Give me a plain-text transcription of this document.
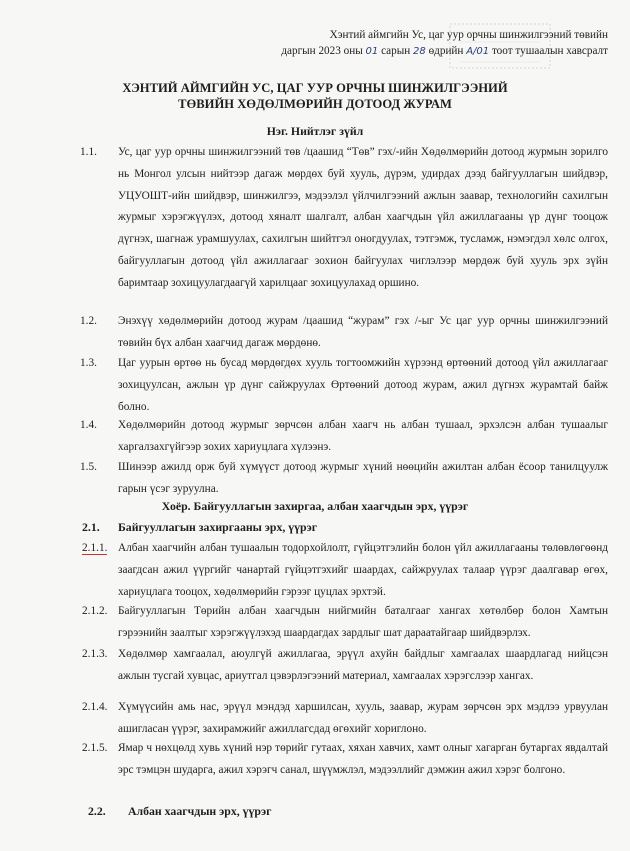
Хэнтий аймгийн Ус, цаг уур орчны шинжилгээний төвийн
даргын 2023 оны 01 сарын 28 өдрийн A/01 тоот тушаалын хавсралт
ХЭНТИЙ АЙМГИЙН УС, ЦАГ УУР ОРЧНЫ ШИНЖИЛГЭЭНИЙ
ТӨВИЙН ХӨДӨЛМӨРИЙН ДОТООД ЖУРАМ
Нэг. Нийтлэг зүйл
1.1. Ус, цаг уур орчны шинжилгээний төв /цаашид “Төв” гэх/-ийн Хөдөлмөрийн дотоод журмын зорилго нь Монгол улсын нийтээр дагаж мөрдөх буй хууль, дүрэм, удирдах дээд байгууллагын шийдвэр, УЦУОШТ-ийн шийдвэр, шинжилгээ, мэдээлэл үйлчилгээний ажлын заавар, технологийн сахилгын журмыг хэрэгжүүлэх, дотоод хяналт шалгалт, албан хаагчдын үйл ажиллагааны үр дүнг тооцож дүгнэх, шагнаж урамшуулах, сахилгын шийтгэл оногдуулах, тэтгэмж, тусламж, нэмэгдэл хөлс олгох, байгууллагын дотоод үйл ажиллагааг зохион байгуулах чиглэлээр мөрдөж буй хууль эрх зүйн баримтаар зохицуулагдаагүй харилцааг зохицуулахад оршино.
1.2. Энэхүү хөдөлмөрийн дотоод журам /цаашид “журам” гэх /-ыг Ус цаг уур орчны шинжилгээний төвийн бүх албан хаагчид дагаж мөрдөнө.
1.3. Цаг уурын өртөө нь бусад мөрдөгдөх хууль тогтоомжийн хүрээнд өртөөний дотоод үйл ажиллагааг зохицуулсан, ажлын үр дүнг сайжруулах Өртөөний дотоод журам, ажил дүгнэх журамтай байж болно.
1.4. Хөдөлмөрийн дотоод журмыг зөрчсөн албан хаагч нь албан тушаал, эрхэлсэн албан тушаалыг харгалзахгүйгээр зохих хариуцлага хүлээнэ.
1.5. Шинээр ажилд орж буй хүмүүст дотоод журмыг хүний нөөцийн ажилтан албан ёсоор танилцуулж гарын үсэг зуруулна.
Хоёр. Байгууллагын захиргаа, албан хаагчдын эрх, үүрэг
2.1. Байгууллагын захиргааны эрх, үүрэг
2.1.1. Албан хаагчийн албан тушаалын тодорхойлолт, гүйцэтгэлийн болон үйл ажиллагааны төлөвлөгөөнд заагдсан ажил үүргийг чанартай гүйцэтгэхийг шаардах, сайжруулах талаар үүрэг даалгавар өгөх, хариуцлага тооцох, хөдөлмөрийн гэрээг цуцлах эрхтэй.
2.1.2. Байгууллагын Төрийн албан хаагчдын нийгмийн баталгааг хангах хөтөлбөр болон Хамтын гэрээнийн заалтыг хэрэгжүүлэхэд шаардагдах зардлыг шат дараатайгаар шийдвэрлэх.
2.1.3. Хөдөлмөр хамгаалал, аюулгүй ажиллагаа, эрүүл ахуйн байдлыг хамгаалах шаардлагад нийцсэн ажлын тусгай хувцас, ариутгал цэвэрлэгээний материал, хамгаалах хэрэгслээр хангах.
2.1.4. Хүмүүсийн амь нас, эрүүл мэндэд харшилсан, хууль, заавар, журам зөрчсөн эрх мэдлээ урвуулан ашигласан үүрэг, захирамжийг ажиллагсдад өгөхийг хориглоно.
2.1.5. Ямар ч нөхцөлд хувь хүний нэр төрийг гутаах, хяхан хавчих, хамт олныг хагарган бутаргах явдалтай эрс тэмцэн шударга, ажил хэрэгч санал, шүүмжлэл, мэдээллийг дэмжин ажил хэрэг болгоно.
2.2. Албан хаагчдын эрх, үүрэг
